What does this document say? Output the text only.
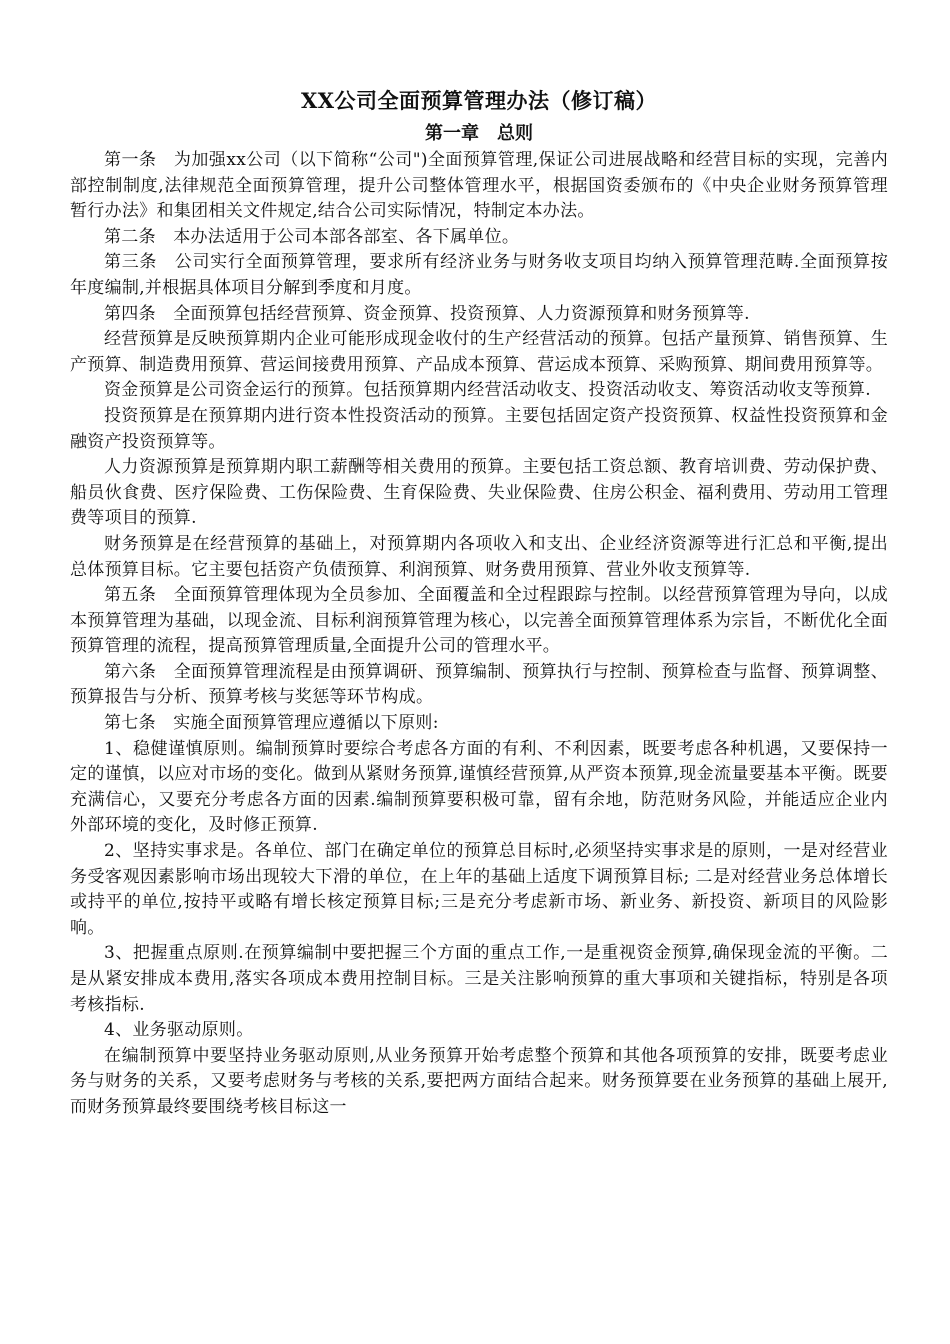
XX公司全面预算管理办法（修订稿）
第一章　总则

第一条　为加强xx公司（以下简称“公司")全面预算管理,保证公司进展战略和经营目标的实现，完善内部控制制度,法律规范全面预算管理，提升公司整体管理水平，根据国资委颁布的《中央企业财务预算管理暂行办法》和集团相关文件规定,结合公司实际情况，特制定本办法。

第二条　本办法适用于公司本部各部室、各下属单位。

第三条　公司实行全面预算管理，要求所有经济业务与财务收支项目均纳入预算管理范畴.全面预算按年度编制,并根据具体项目分解到季度和月度。

第四条　全面预算包括经营预算、资金预算、投资预算、人力资源预算和财务预算等.

经营预算是反映预算期内企业可能形成现金收付的生产经营活动的预算。包括产量预算、销售预算、生产预算、制造费用预算、营运间接费用预算、产品成本预算、营运成本预算、采购预算、期间费用预算等。

资金预算是公司资金运行的预算。包括预算期内经营活动收支、投资活动收支、筹资活动收支等预算.

投资预算是在预算期内进行资本性投资活动的预算。主要包括固定资产投资预算、权益性投资预算和金融资产投资预算等。

人力资源预算是预算期内职工薪酬等相关费用的预算。主要包括工资总额、教育培训费、劳动保护费、船员伙食费、医疗保险费、工伤保险费、生育保险费、失业保险费、住房公积金、福利费用、劳动用工管理费等项目的预算.

财务预算是在经营预算的基础上，对预算期内各项收入和支出、企业经济资源等进行汇总和平衡,提出总体预算目标。它主要包括资产负债预算、利润预算、财务费用预算、营业外收支预算等.

第五条　全面预算管理体现为全员参加、全面覆盖和全过程跟踪与控制。以经营预算管理为导向，以成本预算管理为基础，以现金流、目标利润预算管理为核心，以完善全面预算管理体系为宗旨，不断优化全面预算管理的流程，提高预算管理质量,全面提升公司的管理水平。

第六条　全面预算管理流程是由预算调研、预算编制、预算执行与控制、预算检查与监督、预算调整、预算报告与分析、预算考核与奖惩等环节构成。

第七条　实施全面预算管理应遵循以下原则:

1、稳健谨慎原则。编制预算时要综合考虑各方面的有利、不利因素，既要考虑各种机遇，又要保持一定的谨慎，以应对市场的变化。做到从紧财务预算,谨慎经营预算,从严资本预算,现金流量要基本平衡。既要充满信心，又要充分考虑各方面的因素.编制预算要积极可靠，留有余地，防范财务风险，并能适应企业内外部环境的变化，及时修正预算.

2、坚持实事求是。各单位、部门在确定单位的预算总目标时,必须坚持实事求是的原则，一是对经营业务受客观因素影响市场出现较大下滑的单位，在上年的基础上适度下调预算目标; 二是对经营业务总体增长或持平的单位,按持平或略有增长核定预算目标;三是充分考虑新市场、新业务、新投资、新项目的风险影响。

3、把握重点原则.在预算编制中要把握三个方面的重点工作,一是重视资金预算,确保现金流的平衡。二是从紧安排成本费用,落实各项成本费用控制目标。三是关注影响预算的重大事项和关键指标，特别是各项考核指标.

4、业务驱动原则。

在编制预算中要坚持业务驱动原则,从业务预算开始考虑整个预算和其他各项预算的安排，既要考虑业务与财务的关系，又要考虑财务与考核的关系,要把两方面结合起来。财务预算要在业务预算的基础上展开,而财务预算最终要围绕考核目标这一
